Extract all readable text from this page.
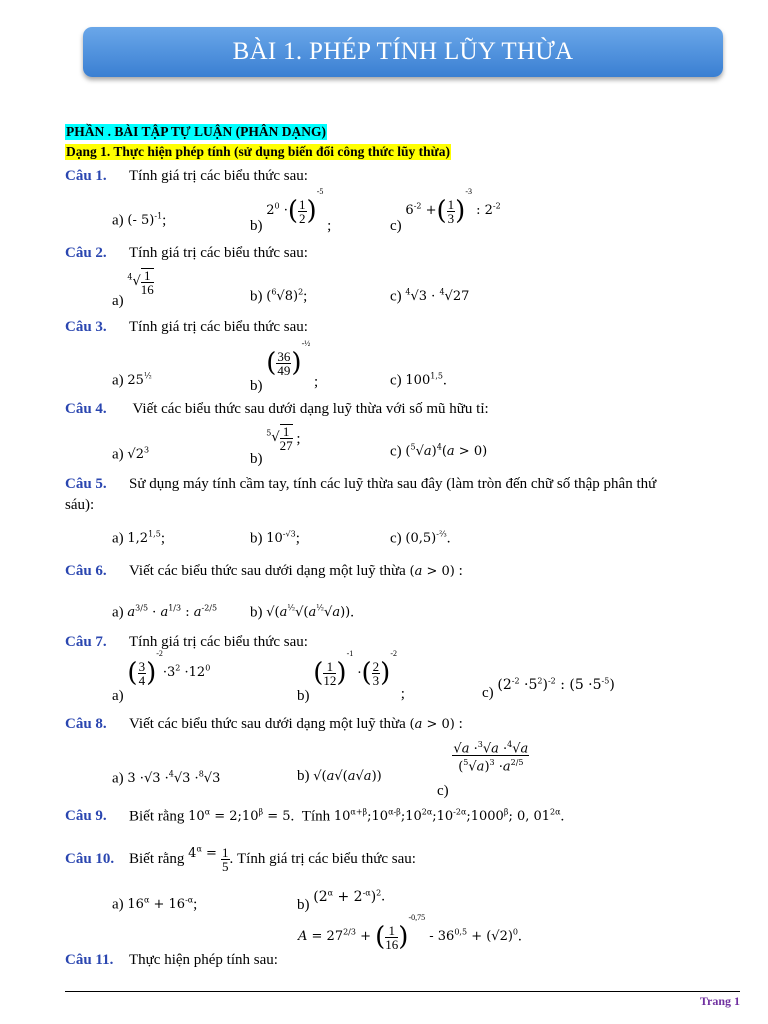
BÀI 1. PHÉP TÍNH LŨY THỪA
PHẦN . BÀI TẬP TỰ LUẬN (PHÂN DẠNG)
Dạng 1. Thực hiện phép tính (sử dụng biến đổi công thức lũy thừa)
Câu 1. Tính giá trị các biểu thức sau:
a) (- 5)$^{-1}$;	b) $2^0$ ·( $\frac{1}{2} )^{-5}$ ;	c) $6^{-2}$ +( $\frac{1}{3} )^{-3}$ : $2^{-2}$
Câu 2. Tính giá trị các biểu thức sau:
a) $^4√ \frac{1}{16}$
b) $(^6√8)^2$;	c) $^4$√3 · $^4$√27
Câu 3. Tính giá trị các biểu thức sau:
a) $25^{\frac{1}{2}}$
b) ( $\frac{36}{49} )^{-\frac{1}{2}}$ ;	c) 100$^{1,5}$.
Câu 4. Viết các biểu thức sau dưới dạng luỹ thừa với số mũ hữu tỉ:
a) $√2^3$
b) $^5√ \frac{1}{27}$ ;
c) $(^5√a)^4(a > 0)$
Câu 5. Sử dụng máy tính cầm tay, tính các luỹ thừa sau đây (làm tròn đến chữ số thập phân thứ
sáu):
a) 1,2$^{1,5}$;	b) $10^{-√3}$;	c) $(0,5)^{-\frac{2}{3}}$.
Câu 6. Viết các biểu thức sau dưới dạng một luỹ thừa (a > 0) :
a) $a^{3/5} \cdot a^{1/3}$ : $a^{-2/5}$ b) $√(a^{\frac{1}{2}}√(a^{\frac{1}{2}}√a))$.
Câu 7. Tính giá trị các biểu thức sau:
a) ( $\frac{3}{4} )^{-2}\cdot 3^2 \cdot 12^0$
b) ( $\frac{1}{12} )^{-1}$ ·( $\frac{2}{3} )^{-2}$ ;	c) $(2^{-2} \cdot 5^2)^{-2}$ : $(5 \cdot 5^{-5})$
Câu 8. Viết các biểu thức sau dưới dạng một luỹ thừa (a > 0) :
a) 3 ·√3 ·$^4$√3 ·$^8$√3	b) √(a√(a√a))
c)
$\frac{√a \cdot^3√a \cdot^4√a}{(^5√a)^3 \cdot a^{2/5}}$
Câu 9. Biết rằng $10^\alpha$ = $2;10^\beta = 5$.  Tính $10^{\alpha+\beta};10^{\alpha-\beta};10^{2\alpha};10^{-2\alpha};1000^\beta$; 0, $01^{2\alpha}$.
Câu 10. Biết rằng $4^\alpha = \frac{1}{5}$ . Tính giá trị các biểu thức sau:
a) $16^\alpha + 16^{-\alpha}$;	b) $(2^\alpha + 2^{-\alpha})^2$.
$A = 27^{2/3}$ + ( $\frac{1}{16} )^{-0,75} - 36^{0,5} + (√2)^0$.
Câu 11. Thực hiện phép tính sau:
Trang 1
